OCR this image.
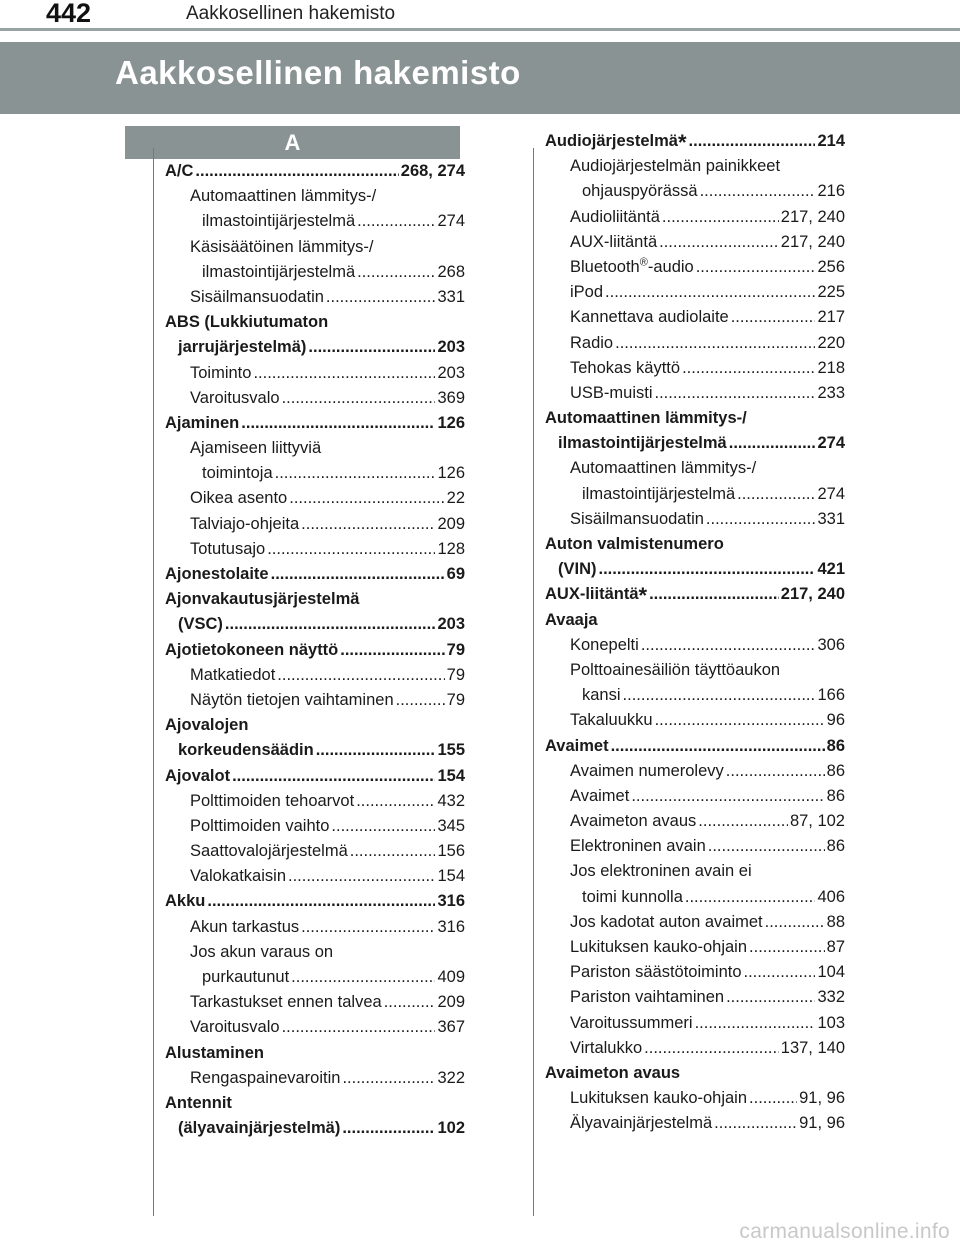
442	Aakkosellinen hakemisto
Aakkosellinen hakemisto
A
A/C .....	268, 274
Automaattinen lämmitys-/
ilmastointijärjestelmä .....	274
Käsisäätöinen lämmitys-/
ilmastointijärjestelmä .....	268
Sisäilmansuodatin .....	331
ABS (Lukkiutumaton
jarrujärjestelmä) .....	203
Toiminto .....	203
Varoitusvalo .....	369
Ajaminen .....	126
Ajamiseen liittyviä
toimintoja .....	126
Oikea asento .....	22
Talviajo-ohjeita .....	209
Totutusajo .....	128
Ajonestolaite .....	69
Ajonvakautusjärjestelmä
(VSC) .....	203
Ajotietokoneen näyttö .....	79
Matkatiedot .....	79
Näytön tietojen vaihtaminen .....	79
Ajovalojen
korkeudensäädin .....	155
Ajovalot .....	154
Polttimoiden tehoarvot .....	432
Polttimoiden vaihto .....	345
Saattovalojärjestelmä .....	156
Valokatkaisin .....	154
Akku .....	316
Akun tarkastus .....	316
Jos akun varaus on
purkautunut .....	409
Tarkastukset ennen talvea .....	209
Varoitusvalo .....	367
Alustaminen
Rengaspainevaroitin .....	322
Antennit
(älyavainjärjestelmä) .....	102
Audiojärjestelmä* .....	214
Audiojärjestelmän painikkeet
ohjauspyörässä .....	216
Audioliitäntä .....	217, 240
AUX-liitäntä .....	217, 240
Bluetooth®-audio .....	256
iPod .....	225
Kannettava audiolaite .....	217
Radio .....	220
Tehokas käyttö .....	218
USB-muisti .....	233
Automaattinen lämmitys-/
ilmastointijärjestelmä .....	274
Automaattinen lämmitys-/
ilmastointijärjestelmä .....	274
Sisäilmansuodatin .....	331
Auton valmistenumero
(VIN) .....	421
AUX-liitäntä* .....	217, 240
Avaaja
Konepelti .....	306
Polttoainesäiliön täyttöaukon
kansi .....	166
Takaluukku .....	96
Avaimet .....	86
Avaimen numerolevy .....	86
Avaimet .....	86
Avaimeton avaus .....	87, 102
Elektroninen avain .....	86
Jos elektroninen avain ei
toimi kunnolla .....	406
Jos kadotat auton avaimet .....	88
Lukituksen kauko-ohjain .....	87
Pariston säästötoiminto .....	104
Pariston vaihtaminen .....	332
Varoitussummeri .....	103
Virtalukko .....	137, 140
Avaimeton avaus
Lukituksen kauko-ohjain .....	91, 96
Älyavainjärjestelmä .....	91, 96
carmanualsonline.info
